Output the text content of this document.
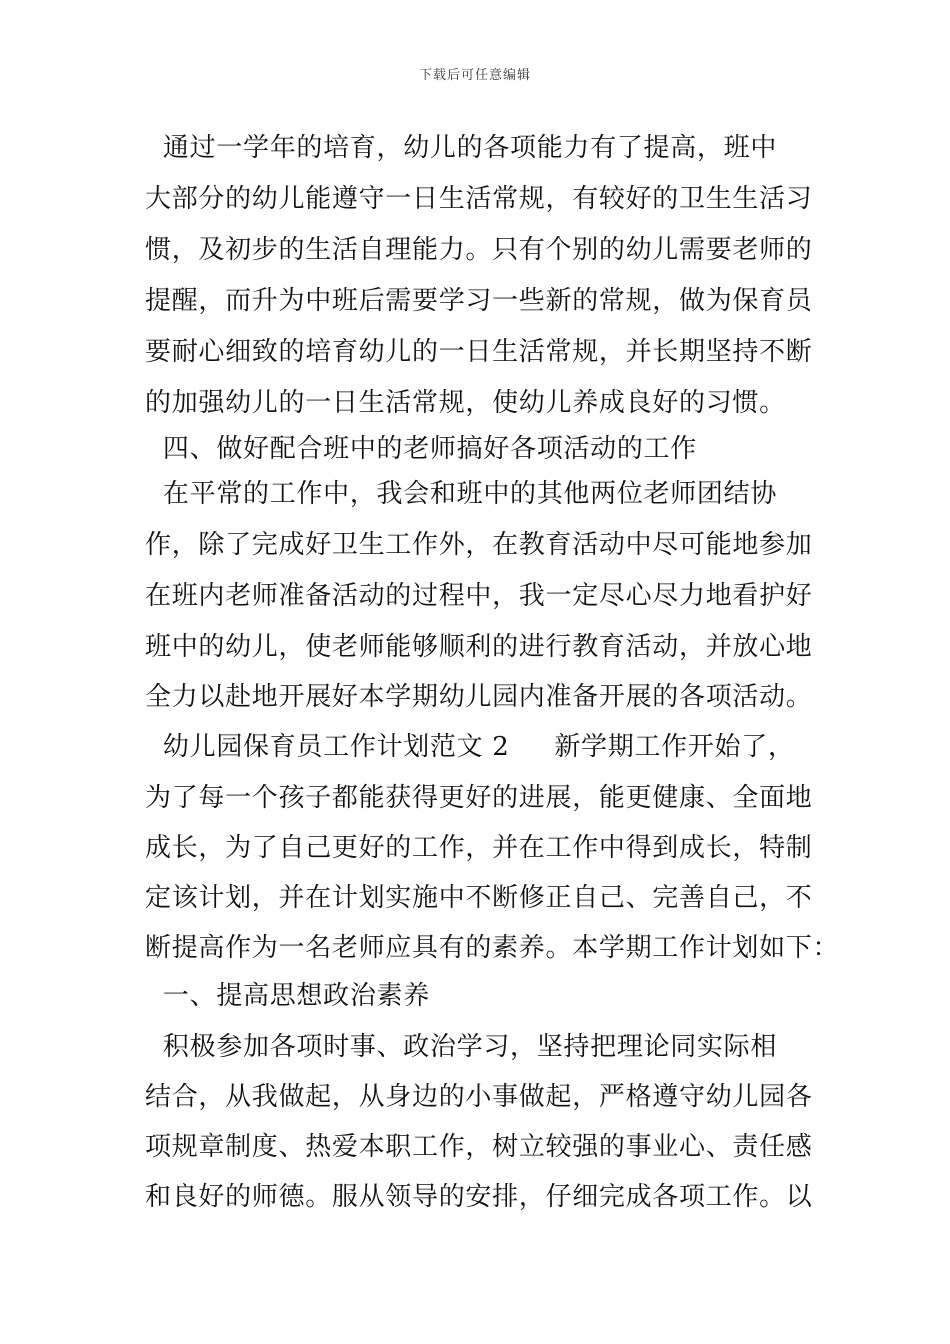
下载后可任意编辑
通过一学年的培育，幼儿的各项能力有了提高，班中
大部分的幼儿能遵守一日生活常规，有较好的卫生生活习
惯，及初步的生活自理能力。只有个别的幼儿需要老师的
提醒，而升为中班后需要学习一些新的常规，做为保育员
要耐心细致的培育幼儿的一日生活常规，并长期坚持不断
的加强幼儿的一日生活常规，使幼儿养成良好的习惯。
四、做好配合班中的老师搞好各项活动的工作
在平常的工作中，我会和班中的其他两位老师团结协
作，除了完成好卫生工作外，在教育活动中尽可能地参加
在班内老师准备活动的过程中，我一定尽心尽力地看护好
班中的幼儿，使老师能够顺利的进行教育活动，并放心地
全力以赴地开展好本学期幼儿园内准备开展的各项活动。
幼儿园保育员工作计划范文 2     新学期工作开始了，
为了每一个孩子都能获得更好的进展，能更健康、全面地
成长，为了自己更好的工作，并在工作中得到成长，特制
定该计划，并在计划实施中不断修正自己、完善自己，不
断提高作为一名老师应具有的素养。本学期工作计划如下：
一、提高思想政治素养
积极参加各项时事、政治学习，坚持把理论同实际相
结合，从我做起，从身边的小事做起，严格遵守幼儿园各
项规章制度、热爱本职工作，树立较强的事业心、责任感
和良好的师德。服从领导的安排，仔细完成各项工作。以
